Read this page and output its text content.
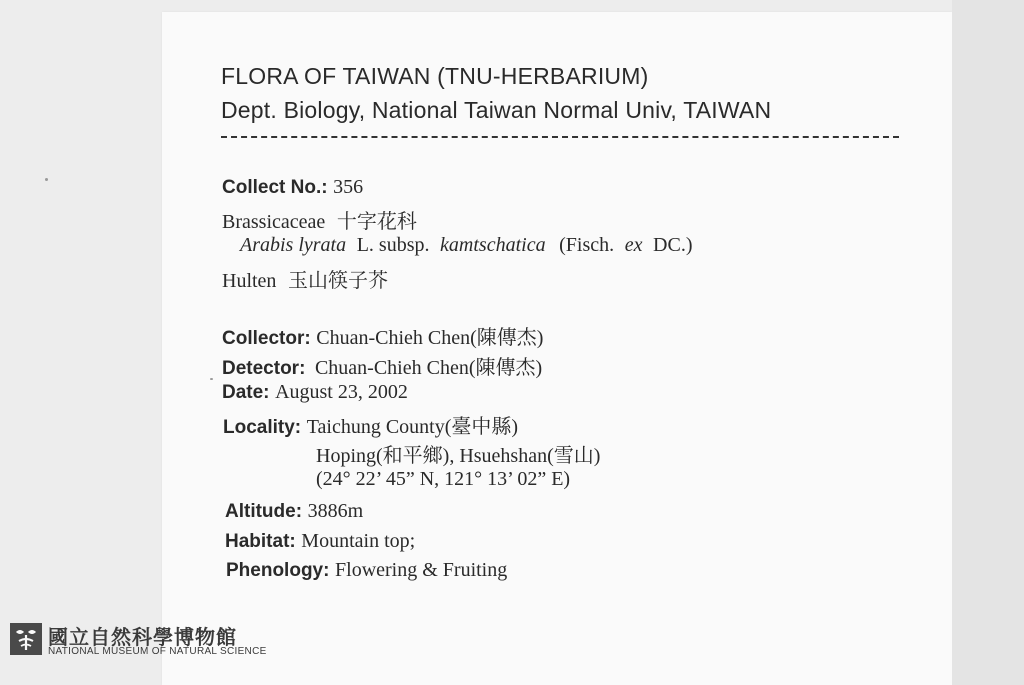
FLORA OF TAIWAN (TNU-HERBARIUM)
Dept. Biology, National Taiwan Normal Univ, TAIWAN
Collect No.: 356
Brassicaceae 十字花科
Arabis lyrata L. subsp. kamtschatica (Fisch. ex DC.)
Hulten 玉山筷子芥
Collector: Chuan-Chieh Chen(陳傳杰)
Detector: Chuan-Chieh Chen(陳傳杰)
Date: August 23, 2002
Locality: Taichung County(臺中縣)
Hoping(和平鄉), Hsuehshan(雪山)
(24° 22’ 45” N, 121° 13’ 02” E)
Altitude: 3886m
Habitat: Mountain top;
Phenology: Flowering & Fruiting
國立自然科學博物館
NATIONAL MUSEUM OF NATURAL SCIENCE
